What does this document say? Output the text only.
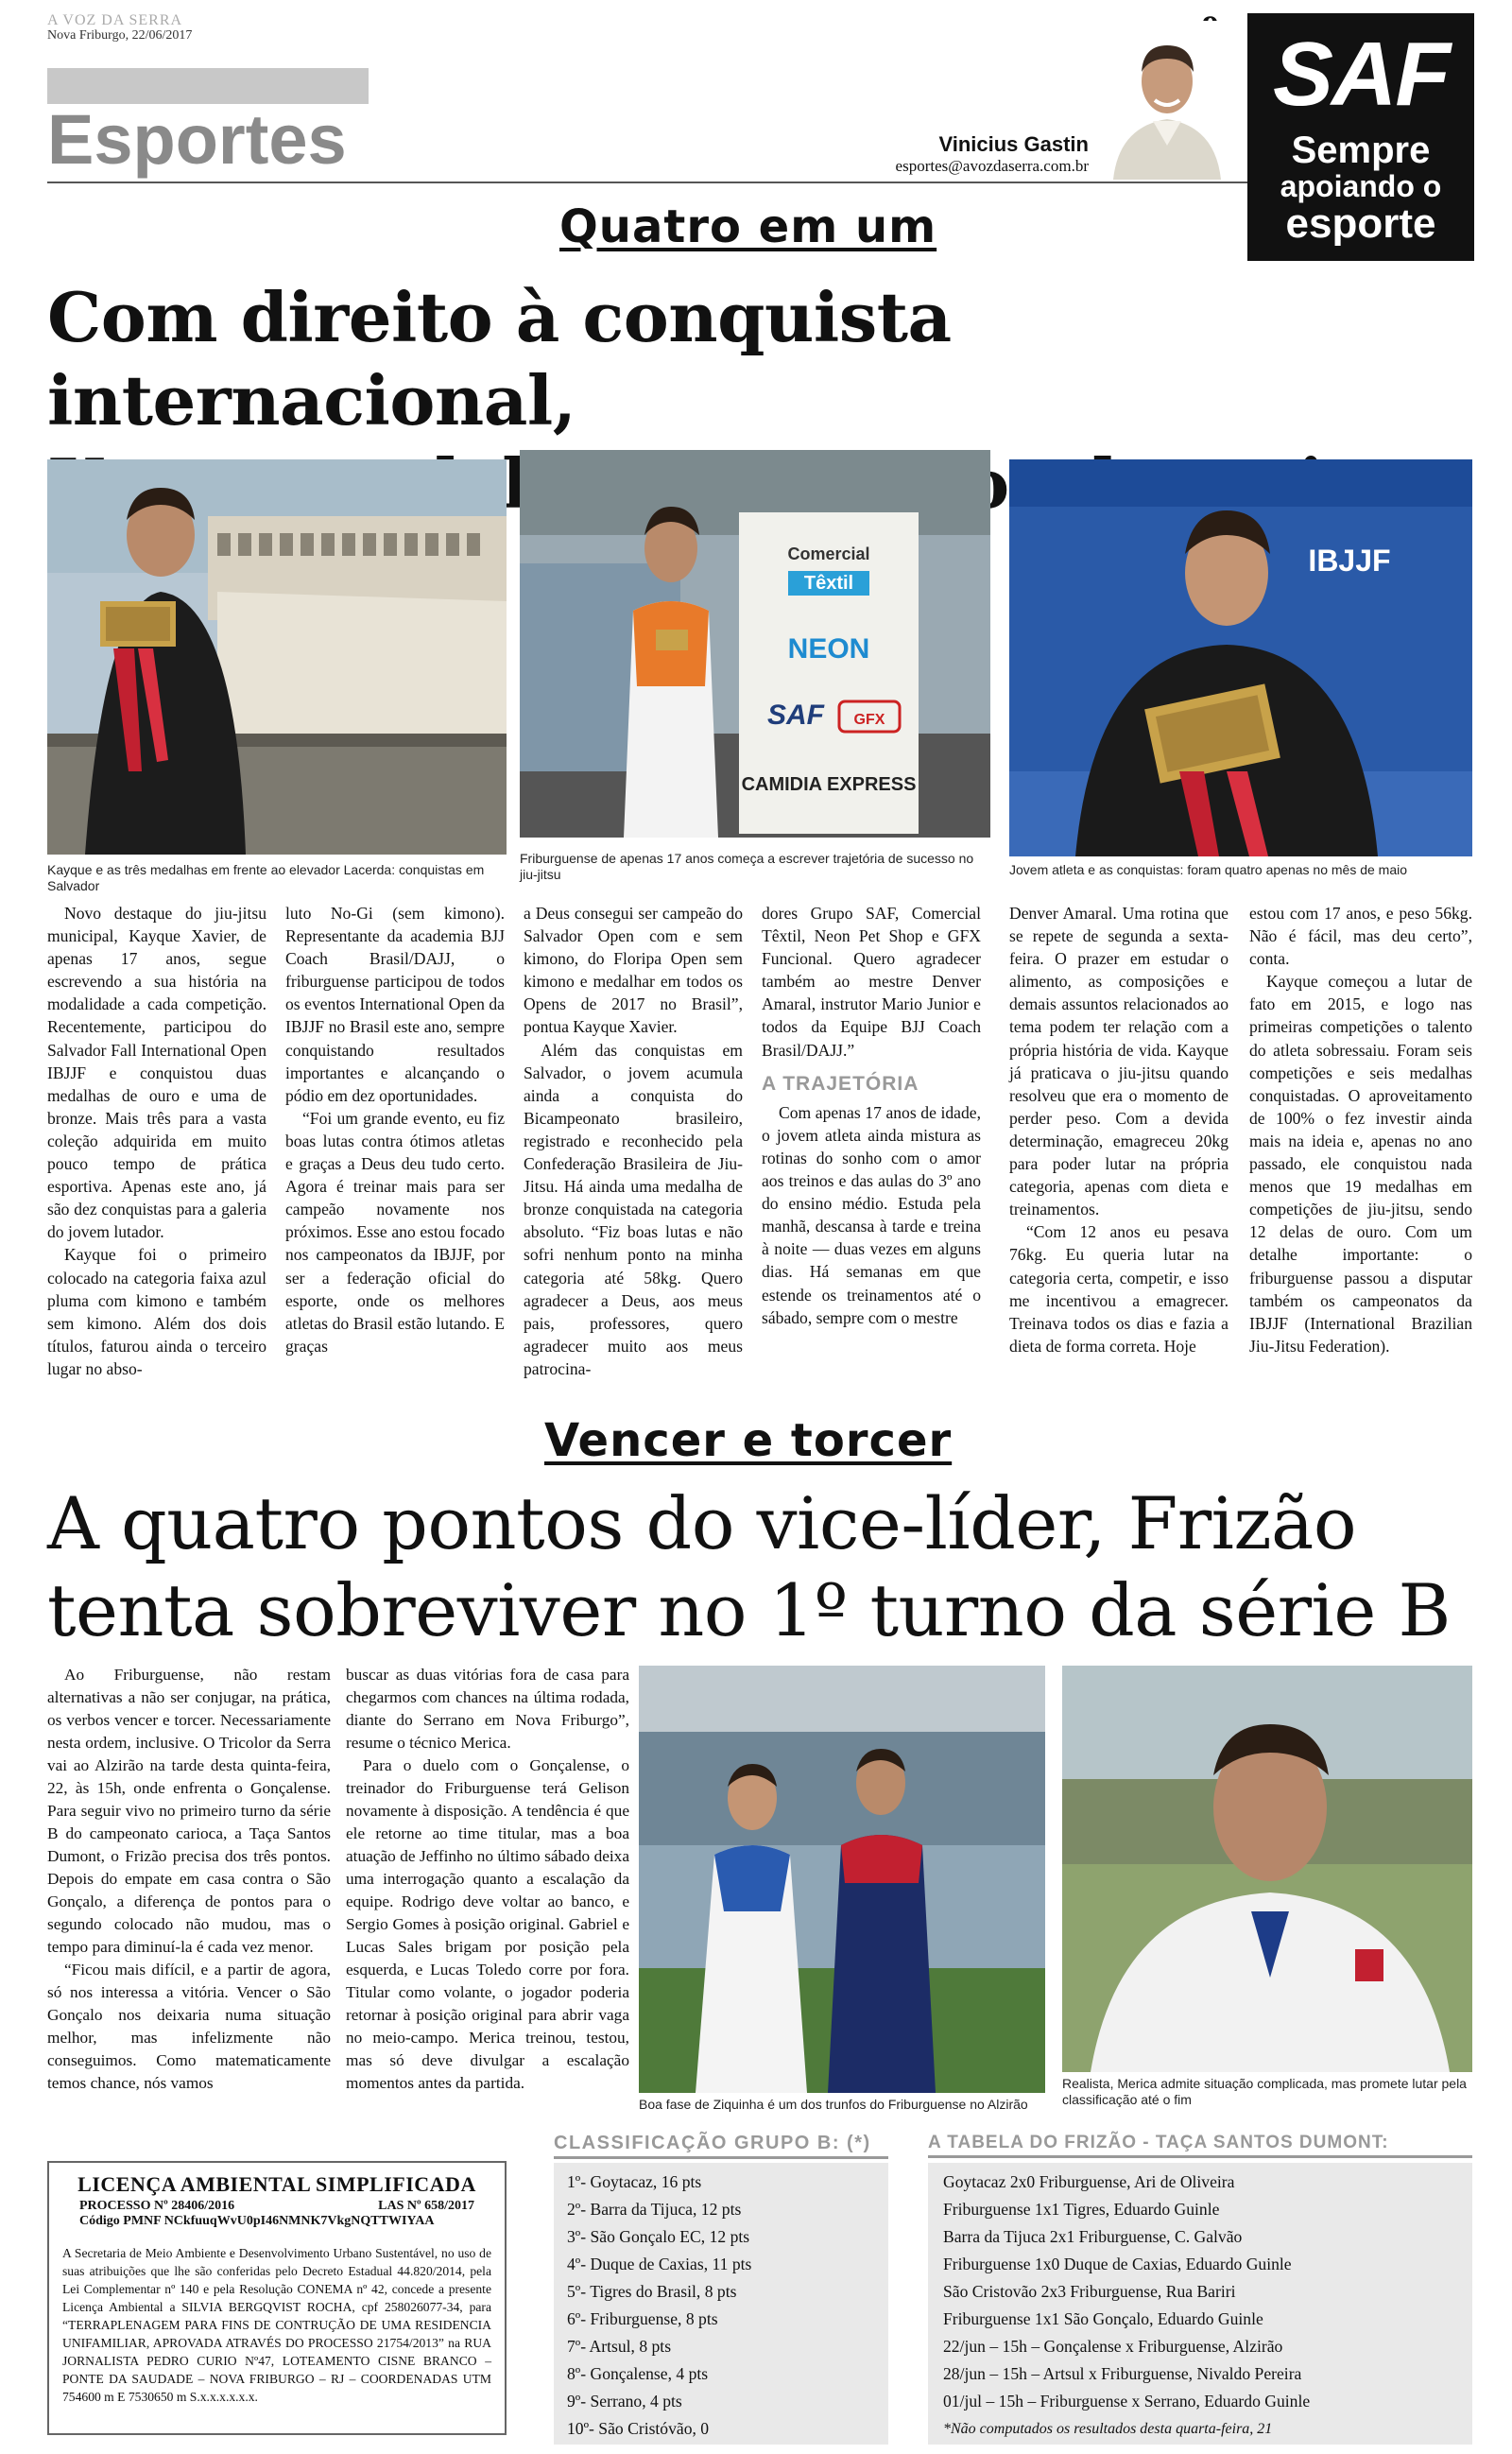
A VOZ DA SERRA
Nova Friburgo, 22/06/2017
Esportes	Vinicius Gastin
esportes@avozdaserra.com.br
SAF
Sempre
apoiando o
esporte
Quatro em um
Com direito à conquista internacional,
Kayque e as três medalhas em frente ao elevador Lacerda: conquistas em Salvador
Comercial
Têxtil
NEON
SAF GFX
CAMIDIA EXPRESS
Friburguense de apenas 17 anos começa a escrever trajetória de sucesso no jiu-jitsu
IBJJF
Jovem atleta e as conquistas: foram quatro apenas no mês de maio

Novo destaque do jiu-jitsu municipal, Kayque Xavier, de apenas 17 anos, segue escrevendo a sua história na modalidade a cada competição. Recentemente, participou do Salvador Fall International Open IBJJF e conquistou duas medalhas de ouro e uma de bronze. Mais três para a vasta coleção adquirida em muito pouco tempo de prática esportiva. Apenas este ano, já são dez conquistas para a galeria do jovem lutador.

Kayque foi o primeiro colocado na categoria faixa azul pluma com kimono e também sem kimono. Além dos dois títulos, faturou ainda o terceiro lugar no abso-

luto No-Gi (sem kimono). Representante da academia BJJ Coach Brasil/DAJJ, o friburguense participou de todos os eventos International Open da IBJJF no Brasil este ano, sempre conquistando resultados importantes e alcançando o pódio em dez oportunidades.

“Foi um grande evento, eu fiz boas lutas contra ótimos atletas e graças a Deus deu tudo certo. Agora é treinar mais para ser campeão novamente nos próximos. Esse ano estou focado nos campeonatos da IBJJF, por ser a federação oficial do esporte, onde os melhores atletas do Brasil estão lutando. E graças

a Deus consegui ser campeão do Salvador Open com e sem kimono, do Floripa Open sem kimono e medalhar em todos os Opens de 2017 no Brasil”, pontua Kayque Xavier.

Além das conquistas em Salvador, o jovem acumula ainda a conquista do Bicampeonato brasileiro, registrado e reconhecido pela Confederação Brasileira de Jiu-Jitsu. Há ainda uma medalha de bronze conquistada na categoria absoluto. “Fiz boas lutas e não sofri nenhum ponto na minha categoria até 58kg. Quero agradecer a Deus, aos meus pais, professores, quero agradecer muito aos meus patrocina-

dores Grupo SAF, Comercial Têxtil, Neon Pet Shop e GFX Funcional. Quero agradecer também ao mestre Denver Amaral, instrutor Mario Junior e todos da Equipe BJJ Coach Brasil/DAJJ.”

A TRAJETÓRIA

Com apenas 17 anos de idade, o jovem atleta ainda mistura as rotinas do sonho com o amor aos treinos e das aulas do 3º ano do ensino médio. Estuda pela manhã, descansa à tarde e treina à noite — duas vezes em alguns dias. Há semanas em que estende os treinamentos até o sábado, sempre com o mestre

Denver Amaral. Uma rotina que se repete de segunda a sexta-feira. O prazer em estudar o alimento, as composições e demais assuntos relacionados ao tema podem ter relação com a própria história de vida. Kayque já praticava o jiu-jitsu quando resolveu que era o momento de perder peso. Com a devida determinação, emagreceu 20kg para poder lutar na própria categoria, apenas com dieta e treinamentos.

“Com 12 anos eu pesava 76kg. Eu queria lutar na categoria certa, competir, e isso me incentivou a emagrecer. Treinava todos os dias e fazia a dieta de forma correta. Hoje

estou com 17 anos, e peso 56kg. Não é fácil, mas deu certo”, conta.

Kayque começou a lutar de fato em 2015, e logo nas primeiras competições o talento do atleta sobressaiu. Foram seis competições e seis medalhas conquistadas. O aproveitamento de 100% o fez investir ainda mais na ideia e, apenas no ano passado, ele conquistou nada menos que 19 medalhas em competições de jiu-jitsu, sendo 12 delas de ouro. Com um detalhe importante: o friburguense passou a disputar também os campeonatos da IBJJF (International Brazilian Jiu-Jitsu Federation).

Vencer e torcer
A quatro pontos do vice-líder, Frizão
tenta sobreviver no 1º turno da série B

Ao Friburguense, não restam alternativas a não ser conjugar, na prática, os verbos vencer e torcer. Necessariamente nesta ordem, inclusive. O Tricolor da Serra vai ao Alzirão na tarde desta quinta-feira, 22, às 15h, onde enfrenta o Gonçalense. Para seguir vivo no primeiro turno da série B do campeonato carioca, a Taça Santos Dumont, o Frizão precisa dos três pontos. Depois do empate em casa contra o São Gonçalo, a diferença de pontos para o segundo colocado não mudou, mas o tempo para diminuí-la é cada vez menor.

“Ficou mais difícil, e a partir de agora, só nos interessa a vitória. Vencer o São Gonçalo nos deixaria numa situação melhor, mas infelizmente não conseguimos. Como matematicamente temos chance, nós vamos

buscar as duas vitórias fora de casa para chegarmos com chances na última rodada, diante do Serrano em Nova Friburgo”, resume o técnico Merica.

Para o duelo com o Gonçalense, o treinador do Friburguense terá Gelison novamente à disposição. A tendência é que ele retorne ao time titular, mas a boa atuação de Jeffinho no último sábado deixa uma interrogação quanto a escalação da equipe. Rodrigo deve voltar ao banco, e Sergio Gomes à posição original. Gabriel e Lucas Sales brigam por posição pela esquerda, e Lucas Toledo corre por fora. Titular como volante, o jogador poderia retornar à posição original para abrir vaga no meio-campo. Merica treinou, testou, mas só deve divulgar a escalação momentos antes da partida.

Boa fase de Ziquinha é um dos trunfos do Friburguense no Alzirão
Realista, Merica admite situação complicada, mas promete lutar pela classificação até o fim
LICENÇA AMBIENTAL SIMPLIFICADA
PROCESSO Nº 28406/2016	LAS Nº 658/2017
Código PMNF NCkfuuqWvU0pI46NMNK7VkgNQTTWIYAA
A Secretaria de Meio Ambiente e Desenvolvimento Urbano Sustentável, no uso de suas atribuições que lhe são conferidas pelo Decreto Estadual 44.820/2014, pela Lei Complementar nº 140 e pela Resolução CONEMA nº 42, concede a presente Licença Ambiental a SILVIA BERGQVIST ROCHA, cpf 258026077-34, para “TERRAPLENAGEM PARA FINS DE CONTRUÇÃO DE UMA RESIDENCIA UNIFAMILIAR, APROVADA ATRAVÉS DO PROCESSO 21754/2013” na RUA JORNALISTA PEDRO CURIO Nº47, LOTEAMENTO CISNE BRANCO – PONTE DA SAUDADE – NOVA FRIBURGO – RJ – COORDENADAS UTM 754600 m E 7530650 m S.x.x.x.x.x.x.
CLASSIFICAÇÃO GRUPO B: (*)
1º- Goytacaz, 16 pts
2º- Barra da Tijuca, 12 pts
3º- São Gonçalo EC, 12 pts
4º- Duque de Caxias, 11 pts
5º- Tigres do Brasil, 8 pts
6º- Friburguense, 8 pts
7º- Artsul, 8 pts
8º- Gonçalense, 4 pts
9º- Serrano, 4 pts
10º- São Cristóvão, 0
A TABELA DO FRIZÃO - TAÇA SANTOS DUMONT:
Goytacaz 2x0 Friburguense, Ari de Oliveira
Friburguense 1x1 Tigres, Eduardo Guinle
Barra da Tijuca 2x1 Friburguense, C. Galvão
Friburguense 1x0 Duque de Caxias, Eduardo Guinle
São Cristovão 2x3 Friburguense, Rua Bariri
Friburguense 1x1 São Gonçalo, Eduardo Guinle
22/jun – 15h – Gonçalense x Friburguense, Alzirão
28/jun – 15h – Artsul x Friburguense, Nivaldo Pereira
01/jul – 15h – Friburguense x Serrano, Eduardo Guinle
*Não computados os resultados desta quarta-feira, 21
